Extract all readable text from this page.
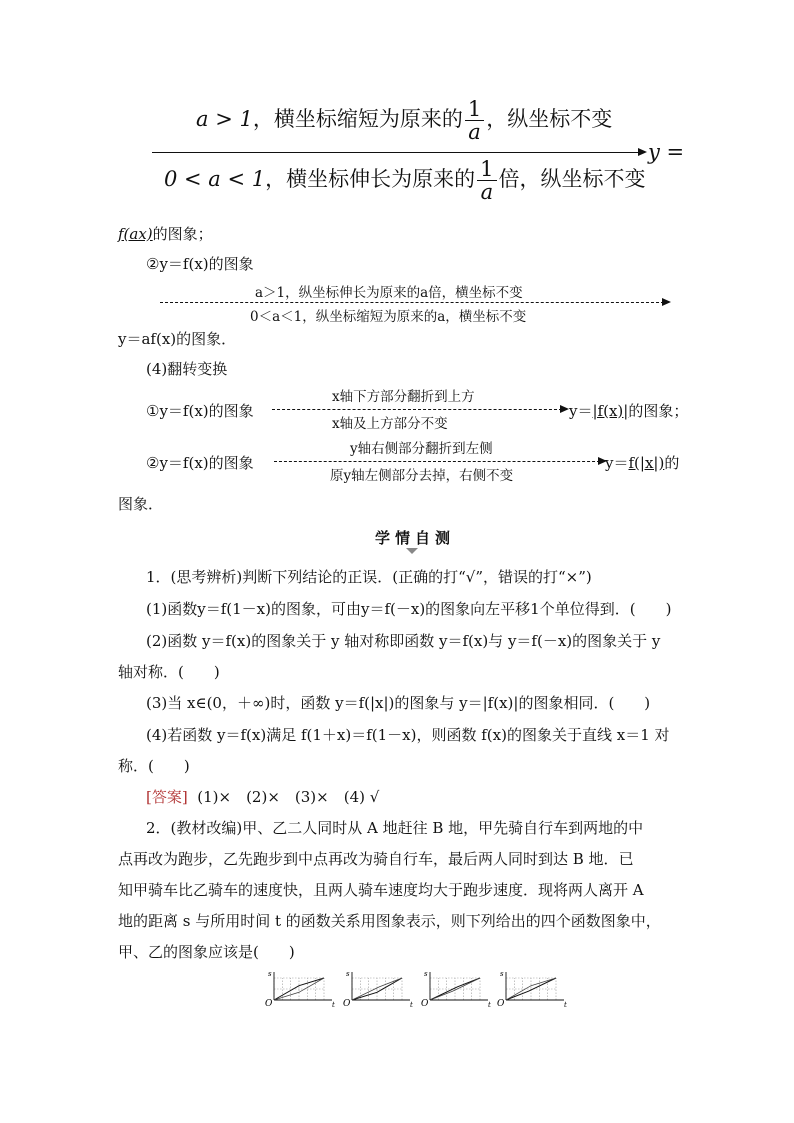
a > 1，横坐标缩短为原来的 $\frac{1}{a}$ ，纵坐标不变
y =
0 < a < 1，横坐标伸长为原来的 $\frac{1}{a}$ 倍，纵坐标不变
f(ax)的图象；
②y＝f(x)的图象
a＞1，纵坐标伸长为原来的a倍，横坐标不变
0＜a＜1，纵坐标缩短为原来的a，横坐标不变
y＝af(x)的图象．
(4)翻转变换
①y＝f(x)的图象
x轴下方部分翻折到上方
x轴及上方部分不变
y＝|f(x)|的图象；
②y＝f(x)的图象
y轴右侧部分翻折到左侧
原y轴左侧部分去掉，右侧不变
y＝f(|x|)的
图象．
学情自测
1．(思考辨析)判断下列结论的正误．(正确的打“√”，错误的打“×”)
(1)函数y＝f(1－x)的图象，可由y＝f(－x)的图象向左平移1个单位得到．(　　)
(2)函数 y＝f(x)的图象关于 y 轴对称即函数 y＝f(x)与 y＝f(－x)的图象关于 y
轴对称．(　　)
(3)当 x∈(0，＋∞)时，函数 y＝f(|x|)的图象与 y＝|f(x)|的图象相同．(　　)
(4)若函数 y＝f(x)满足 f(1＋x)＝f(1－x)，则函数 f(x)的图象关于直线 x＝1 对
称．(　　)
[答案] (1)×　(2)×　(3)×　(4) √
2．(教材改编)甲、乙二人同时从 A 地赶往 B 地，甲先骑自行车到两地的中
点再改为跑步，乙先跑步到中点再改为骑自行车，最后两人同时到达 B 地．已
知甲骑车比乙骑车的速度快，且两人骑车速度均大于跑步速度．现将两人离开 A
地的距离 s 与所用时间 t 的函数关系用图象表示，则下列给出的四个函数图象中，
甲、乙的图象应该是(　　)
s
t
O
s
t
O
s
t
O
s
t
O
